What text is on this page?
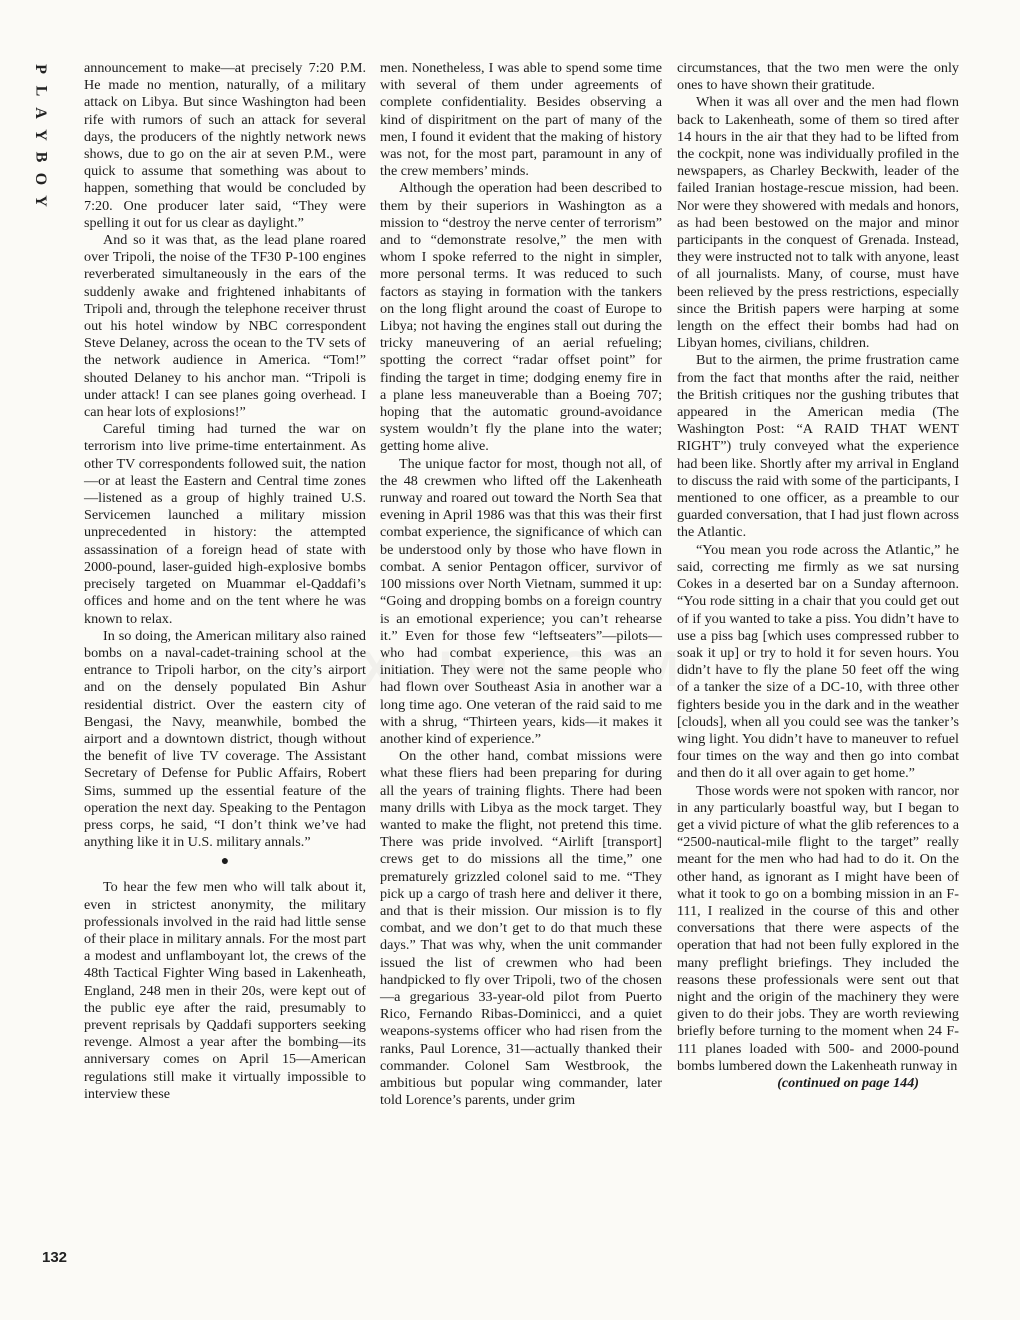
P
L
A
Y
B
O
Y

announcement to make—at precisely 7:20 P.M. He made no mention, naturally, of a military attack on Libya. But since Washington had been rife with rumors of such an attack for several days, the producers of the nightly network news shows, due to go on the air at seven P.M., were quick to assume that something was about to happen, something that would be concluded by 7:20. One producer later said, “They were spelling it out for us clear as daylight.”

And so it was that, as the lead plane roared over Tripoli, the noise of the TF30 P-100 engines reverberated simultaneously in the ears of the suddenly awake and frightened inhabitants of Tripoli and, through the telephone receiver thrust out his hotel window by NBC correspondent Steve Delaney, across the ocean to the TV sets of the network audience in America. “Tom!” shouted Delaney to his anchor man. “Tripoli is under attack! I can see planes going overhead. I can hear lots of explosions!”

Careful timing had turned the war on terrorism into live prime-time entertainment. As other TV correspondents followed suit, the nation—or at least the Eastern and Central time zones—listened as a group of highly trained U.S. Servicemen launched a military mission unprecedented in history: the attempted assassination of a foreign head of state with 2000-pound, laser-guided high-explosive bombs precisely targeted on Muammar el-Qaddafi’s offices and home and on the tent where he was known to relax.

In so doing, the American military also rained bombs on a naval-cadet-training school at the entrance to Tripoli harbor, on the city’s airport and on the densely populated Bin Ashur residential district. Over the eastern city of Bengasi, the Navy, meanwhile, bombed the airport and a downtown district, though without the benefit of live TV coverage. The Assistant Secretary of Defense for Public Affairs, Robert Sims, summed up the essential feature of the operation the next day. Speaking to the Pentagon press corps, he said, “I don’t think we’ve had anything like it in U.S. military annals.”

●

To hear the few men who will talk about it, even in strictest anonymity, the military professionals involved in the raid had little sense of their place in military annals. For the most part a modest and unflamboyant lot, the crews of the 48th Tactical Fighter Wing based in Lakenheath, England, 248 men in their 20s, were kept out of the public eye after the raid, presumably to prevent reprisals by Qaddafi supporters seeking revenge. Almost a year after the bombing—its anniversary comes on April 15—American regulations still make it virtually impossible to interview these

men. Nonetheless, I was able to spend some time with several of them under agreements of complete confidentiality. Besides observing a kind of dispiritment on the part of many of the men, I found it evident that the making of history was not, for the most part, paramount in any of the crew members’ minds.

Although the operation had been described to them by their superiors in Washington as a mission to “destroy the nerve center of terrorism” and to “demonstrate resolve,” the men with whom I spoke referred to the night in simpler, more personal terms. It was reduced to such factors as staying in formation with the tankers on the long flight around the coast of Europe to Libya; not having the engines stall out during the tricky maneuvering of an aerial refueling; spotting the correct “radar offset point” for finding the target in time; dodging enemy fire in a plane less maneuverable than a Boeing 707; hoping that the automatic ground-avoidance system wouldn’t fly the plane into the water; getting home alive.

The unique factor for most, though not all, of the 48 crewmen who lifted off the Lakenheath runway and roared out toward the North Sea that evening in April 1986 was that this was their first combat experience, the significance of which can be understood only by those who have flown in combat. A senior Pentagon officer, survivor of 100 missions over North Vietnam, summed it up: “Going and dropping bombs on a foreign country is an emotional experience; you can’t rehearse it.” Even for those few “leftseaters”—pilots—who had combat experience, this was an initiation. They were not the same people who had flown over Southeast Asia in another war a long time ago. One veteran of the raid said to me with a shrug, “Thirteen years, kids—it makes it another kind of experience.”

On the other hand, combat missions were what these fliers had been preparing for during all the years of training flights. There had been many drills with Libya as the mock target. They wanted to make the flight, not pretend this time. There was pride involved. “Airlift [transport] crews get to do missions all the time,” one prematurely grizzled colonel said to me. “They pick up a cargo of trash here and deliver it there, and that is their mission. Our mission is to fly combat, and we don’t get to do that much these days.” That was why, when the unit commander issued the list of crewmen who had been handpicked to fly over Tripoli, two of the chosen—a gregarious 33-year-old pilot from Puerto Rico, Fernando Ribas-Dominicci, and a quiet weapons-systems officer who had risen from the ranks, Paul Lorence, 31—actually thanked their commander. Colonel Sam Westbrook, the ambitious but popular wing commander, later told Lorence’s parents, under grim

circumstances, that the two men were the only ones to have shown their gratitude.

When it was all over and the men had flown back to Lakenheath, some of them so tired after 14 hours in the air that they had to be lifted from the cockpit, none was individually profiled in the newspapers, as Charley Beckwith, leader of the failed Iranian hostage-rescue mission, had been. Nor were they showered with medals and honors, as had been bestowed on the major and minor participants in the conquest of Grenada. Instead, they were instructed not to talk with anyone, least of all journalists. Many, of course, must have been relieved by the press restrictions, especially since the British papers were harping at some length on the effect their bombs had had on Libyan homes, civilians, children.

But to the airmen, the prime frustration came from the fact that months after the raid, neither the British critiques nor the gushing tributes that appeared in the American media (The Washington Post: “A RAID THAT WENT RIGHT”) truly conveyed what the experience had been like. Shortly after my arrival in England to discuss the raid with some of the participants, I mentioned to one officer, as a preamble to our guarded conversation, that I had just flown across the Atlantic.

“You mean you rode across the Atlantic,” he said, correcting me firmly as we sat nursing Cokes in a deserted bar on a Sunday afternoon. “You rode sitting in a chair that you could get out of if you wanted to take a piss. You didn’t have to use a piss bag [which uses compressed rubber to soak it up] or try to hold it for seven hours. You didn’t have to fly the plane 50 feet off the wing of a tanker the size of a DC-10, with three other fighters beside you in the dark and in the weather [clouds], when all you could see was the tanker’s wing light. You didn’t have to maneuver to refuel four times on the way and then go into combat and then do it all over again to get home.”

Those words were not spoken with rancor, nor in any particularly boastful way, but I began to get a vivid picture of what the glib references to a “2500-nautical-mile flight to the target” really meant for the men who had had to do it. On the other hand, as ignorant as I might have been of what it took to go on a bombing mission in an F-111, I realized in the course of this and other conversations that there were aspects of the operation that had not been fully explored in the many preflight briefings. They included the reasons these professionals were sent out that night and the origin of the machinery they were given to do their jobs. They are worth reviewing briefly before turning to the moment when 24 F-111 planes loaded with 500- and 2000-pound bombs lumbered down the Lakenheath runway in

(continued on page 144)
132
